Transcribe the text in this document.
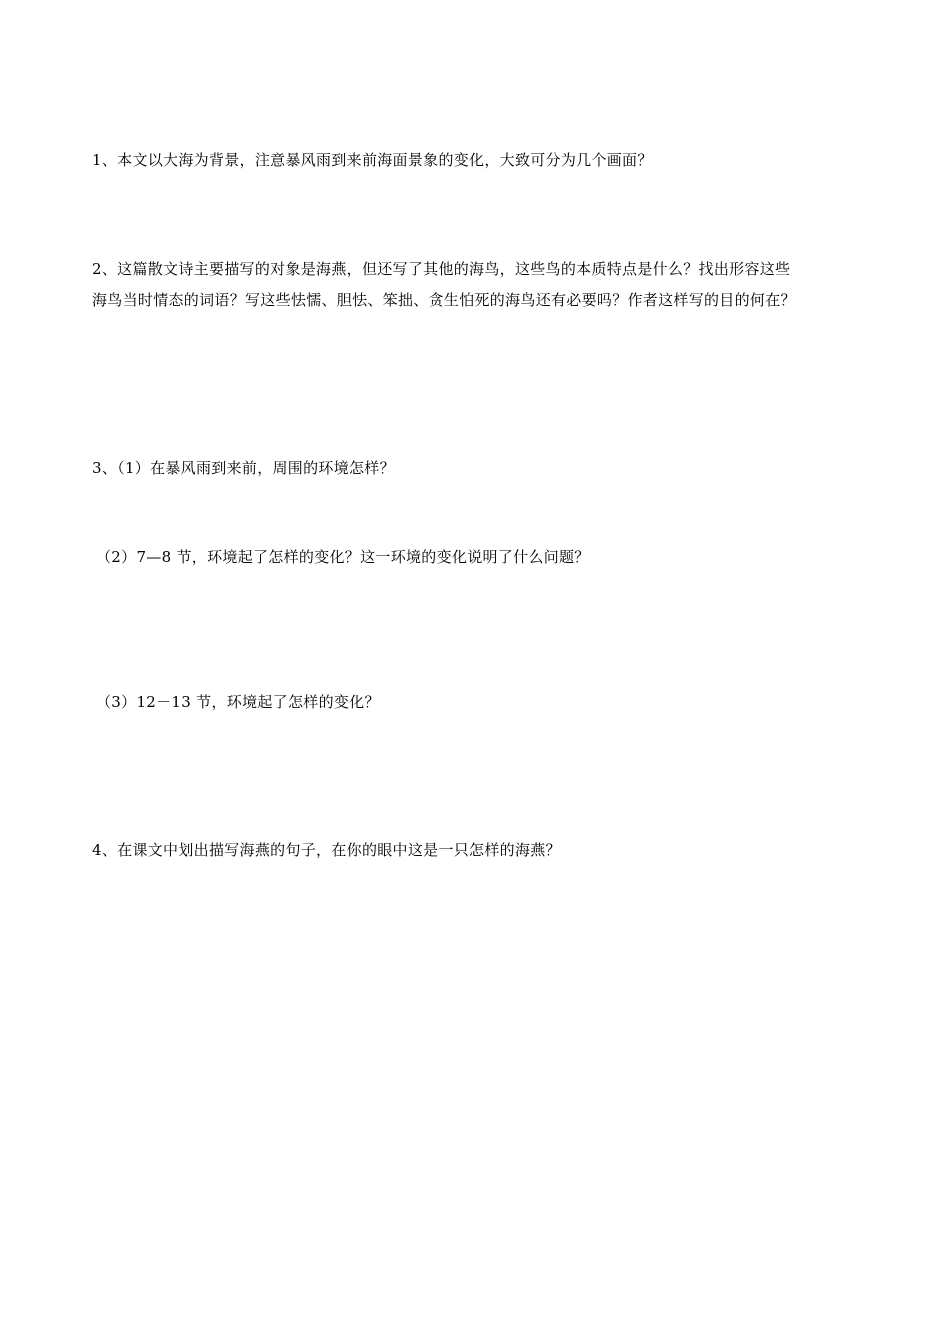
1、本文以大海为背景，注意暴风雨到来前海面景象的变化，大致可分为几个画面？

2、这篇散文诗主要描写的对象是海燕，但还写了其他的海鸟，这些鸟的本质特点是什么？找出形容这些

海鸟当时情态的词语？写这些怯懦、胆怯、笨拙、贪生怕死的海鸟还有必要吗？作者这样写的目的何在？

3、（1）在暴风雨到来前，周围的环境怎样？

（2）7—8 节，环境起了怎样的变化？这一环境的变化说明了什么问题？

（3）12－13 节，环境起了怎样的变化？

4、在课文中划出描写海燕的句子，在你的眼中这是一只怎样的海燕？
